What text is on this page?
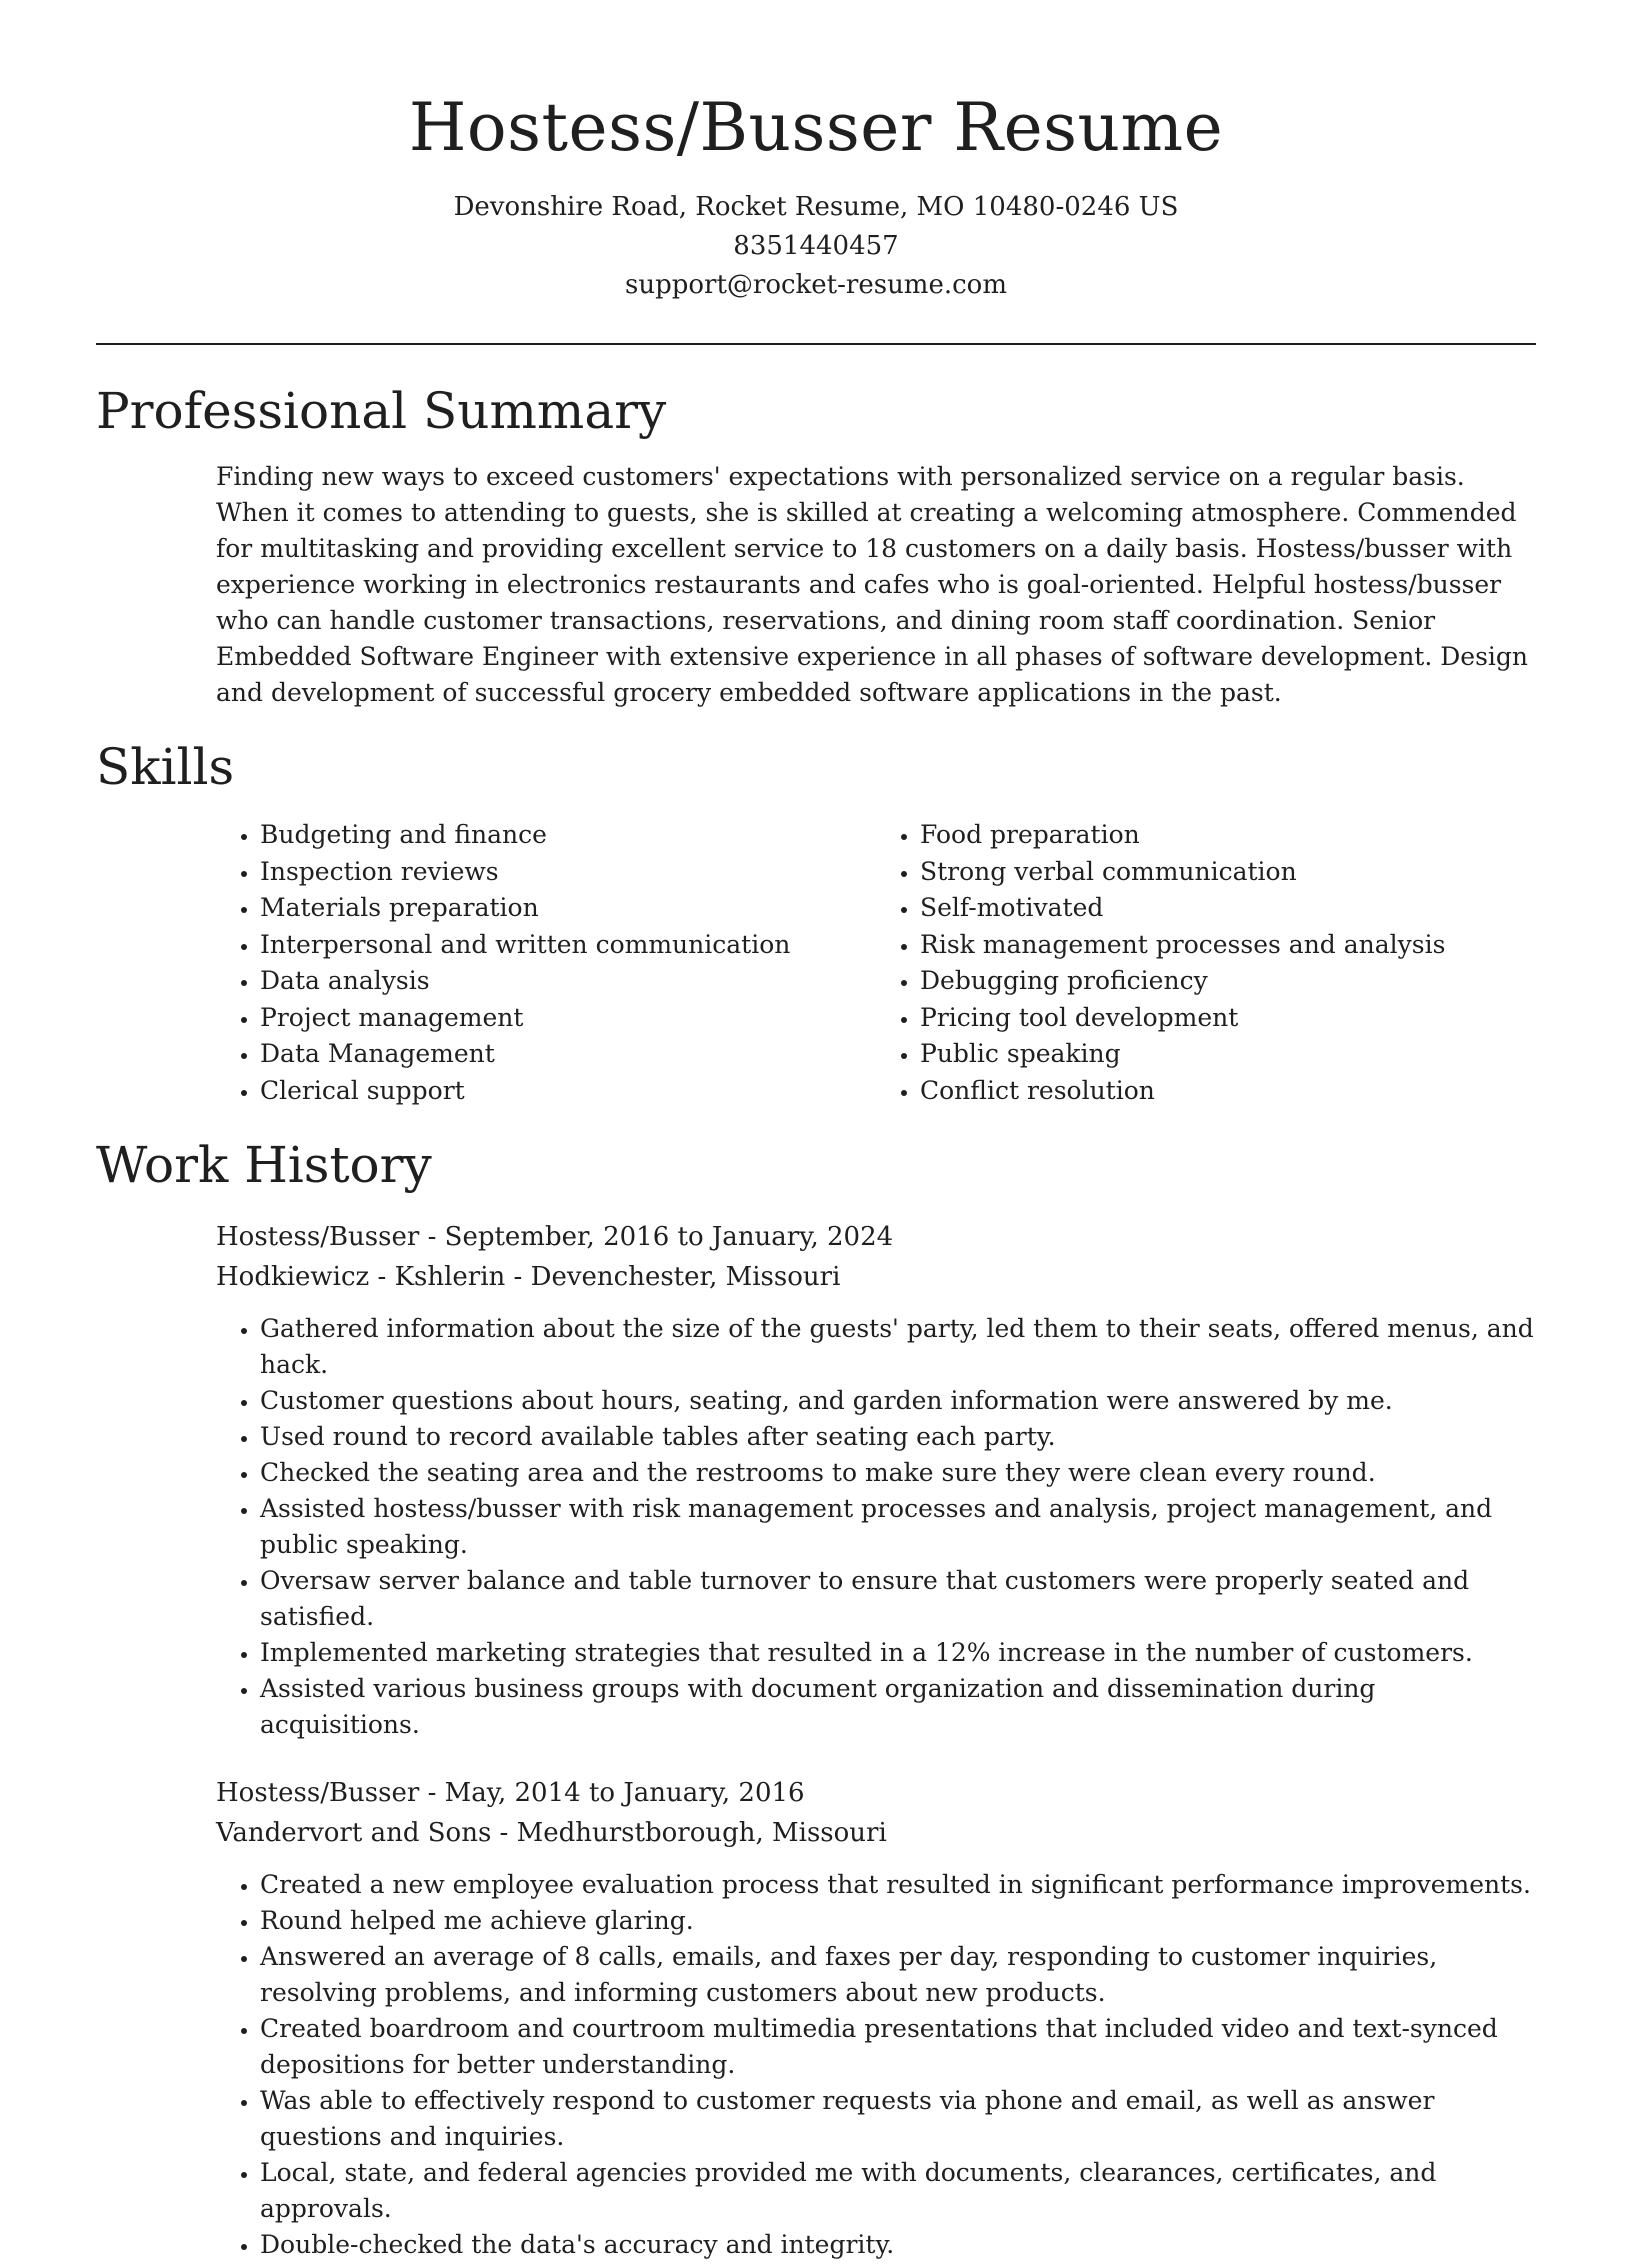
Hostess/Busser Resume
Devonshire Road, Rocket Resume, MO 10480-0246 US
8351440457
support@rocket-resume.com
Professional Summary

Finding new ways to exceed customers' expectations with personalized service on a regular basis. When it comes to attending to guests, she is skilled at creating a welcoming atmosphere. Commended for multitasking and providing excellent service to 18 customers on a daily basis. Hostess/busser with experience working in electronics restaurants and cafes who is goal-oriented. Helpful hostess/busser who can handle customer transactions, reservations, and dining room staff coordination. Senior Embedded Software Engineer with extensive experience in all phases of software development. Design and development of successful grocery embedded software applications in the past.

Skills
• Budgeting and finance
• Inspection reviews
• Materials preparation
• Interpersonal and written communication
• Data analysis
• Project management
• Data Management
• Clerical support
• Food preparation
• Strong verbal communication
• Self-motivated
• Risk management processes and analysis
• Debugging proficiency
• Pricing tool development
• Public speaking
• Conflict resolution
Work History
Hostess/Busser - September, 2016 to January, 2024
Hodkiewicz - Kshlerin - Devenchester, Missouri
• Gathered information about the size of the guests' party, led them to their seats, offered menus, and hack.
• Customer questions about hours, seating, and garden information were answered by me.
• Used round to record available tables after seating each party.
• Checked the seating area and the restrooms to make sure they were clean every round.
• Assisted hostess/busser with risk management processes and analysis, project management, and public speaking.
• Oversaw server balance and table turnover to ensure that customers were properly seated and satisfied.
• Implemented marketing strategies that resulted in a 12% increase in the number of customers.
• Assisted various business groups with document organization and dissemination during acquisitions.
Hostess/Busser - May, 2014 to January, 2016
Vandervort and Sons - Medhurstborough, Missouri
• Created a new employee evaluation process that resulted in significant performance improvements.
• Round helped me achieve glaring.
• Answered an average of 8 calls, emails, and faxes per day, responding to customer inquiries, resolving problems, and informing customers about new products.
• Created boardroom and courtroom multimedia presentations that included video and text-synced depositions for better understanding.
• Was able to effectively respond to customer requests via phone and email, as well as answer questions and inquiries.
• Local, state, and federal agencies provided me with documents, clearances, certificates, and approvals.
• Double-checked the data's accuracy and integrity.
